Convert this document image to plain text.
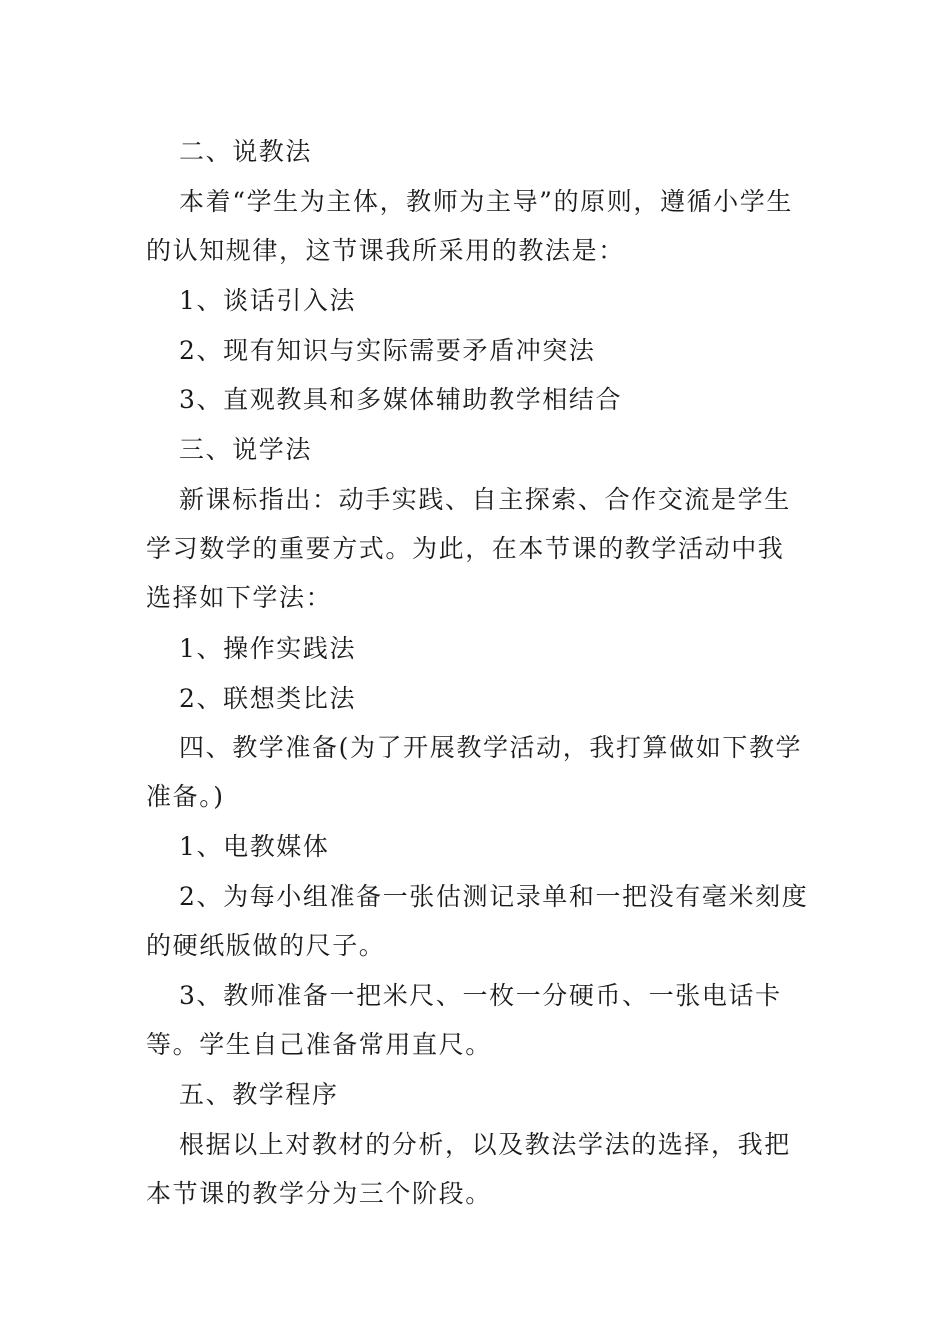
二、说教法

本着“学生为主体，教师为主导”的原则，遵循小学生的认知规律，这节课我所采用的教法是：

1、谈话引入法

2、现有知识与实际需要矛盾冲突法

3、直观教具和多媒体辅助教学相结合

三、说学法

新课标指出：动手实践、自主探索、合作交流是学生学习数学的重要方式。为此，在本节课的教学活动中我选择如下学法：

1、操作实践法

2、联想类比法

四、教学准备(为了开展教学活动，我打算做如下教学准备。)

1、电教媒体

2、为每小组准备一张估测记录单和一把没有毫米刻度的硬纸版做的尺子。

3、教师准备一把米尺、一枚一分硬币、一张电话卡等。学生自己准备常用直尺。

五、教学程序

根据以上对教材的分析，以及教法学法的选择，我把本节课的教学分为三个阶段。
